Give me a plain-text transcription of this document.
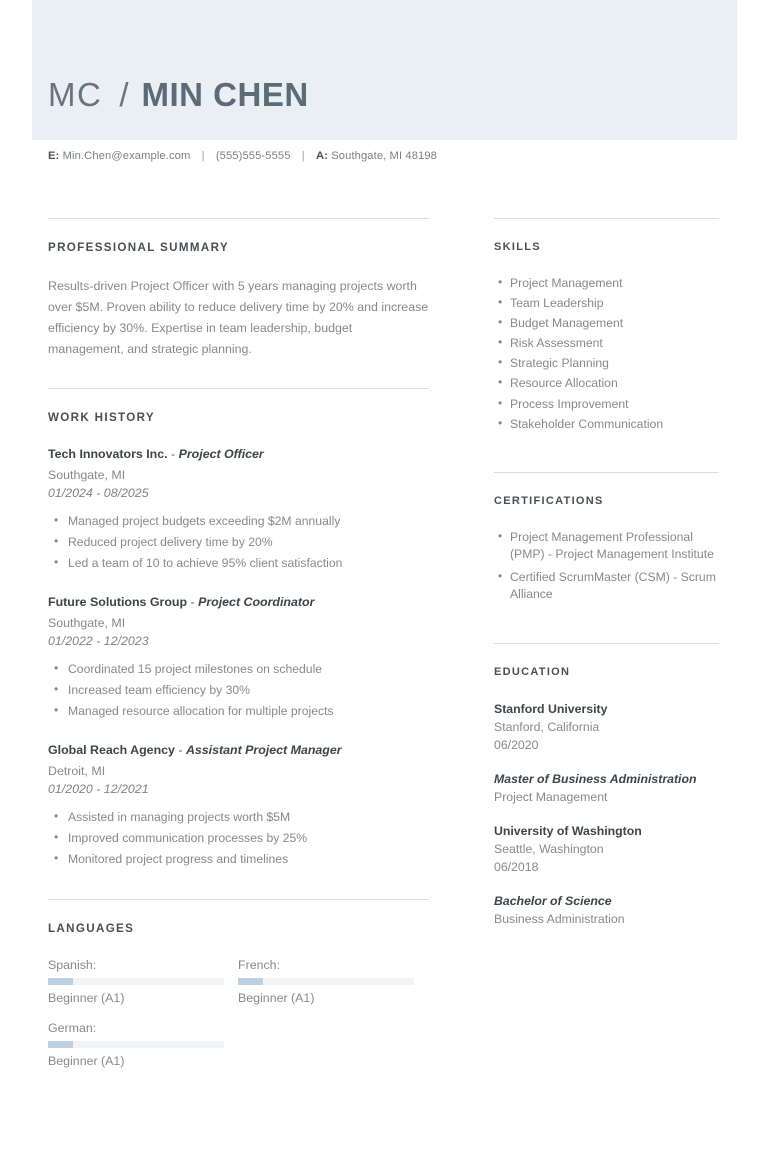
MC / MIN CHEN
E: Min.Chen@example.com | (555)555-5555 | A: Southgate, MI 48198
PROFESSIONAL SUMMARY
Results-driven Project Officer with 5 years managing projects worth over $5M. Proven ability to reduce delivery time by 20% and increase efficiency by 30%. Expertise in team leadership, budget management, and strategic planning.
WORK HISTORY
Tech Innovators Inc. - Project Officer
Southgate, MI
01/2024 - 08/2025
• Managed project budgets exceeding $2M annually
• Reduced project delivery time by 20%
• Led a team of 10 to achieve 95% client satisfaction
Future Solutions Group - Project Coordinator
Southgate, MI
01/2022 - 12/2023
• Coordinated 15 project milestones on schedule
• Increased team efficiency by 30%
• Managed resource allocation for multiple projects
Global Reach Agency - Assistant Project Manager
Detroit, MI
01/2020 - 12/2021
• Assisted in managing projects worth $5M
• Improved communication processes by 25%
• Monitored project progress and timelines
LANGUAGES
Spanish:
Beginner (A1)
French:
Beginner (A1)
German:
Beginner (A1)
SKILLS
• Project Management
• Team Leadership
• Budget Management
• Risk Assessment
• Strategic Planning
• Resource Allocation
• Process Improvement
• Stakeholder Communication
CERTIFICATIONS
• Project Management Professional (PMP) - Project Management Institute
• Certified ScrumMaster (CSM) - Scrum Alliance
EDUCATION
Stanford University
Stanford, California
06/2020
Master of Business Administration
Project Management
University of Washington
Seattle, Washington
06/2018
Bachelor of Science
Business Administration
